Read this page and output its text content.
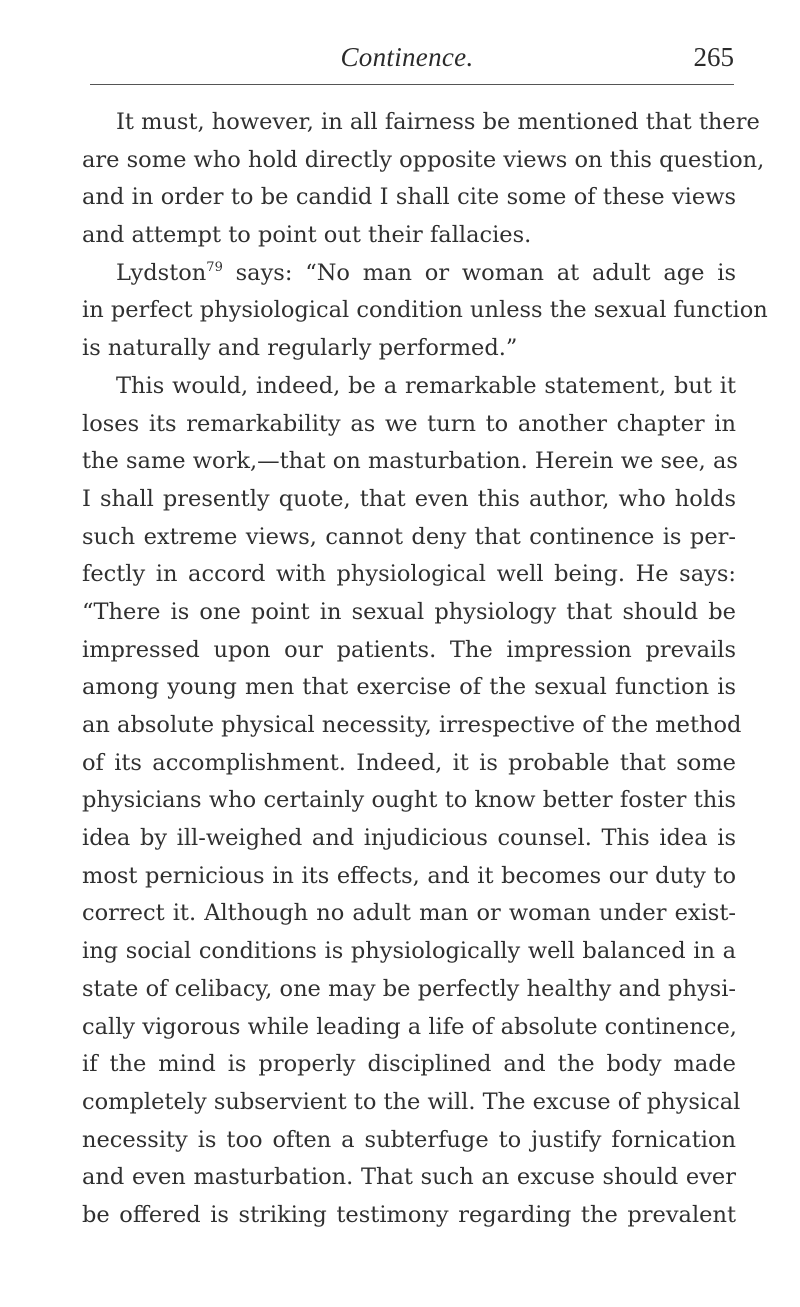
Continence.	265
It must, however, in all fairness be mentioned that there
are some who hold directly opposite views on this question,
and in order to be candid I shall cite some of these views
and attempt to point out their fallacies.
Lydston$^{79}$ says: “No man or woman at adult age is
in perfect physiological condition unless the sexual function
is naturally and regularly performed.”
This would, indeed, be a remarkable statement, but it
loses its remarkability as we turn to another chapter in
the same work,—that on masturbation. Herein we see, as
I shall presently quote, that even this author, who holds
such extreme views, cannot deny that continence is per-
fectly in accord with physiological well being. He says:
“There is one point in sexual physiology that should be
impressed upon our patients. The impression prevails
among young men that exercise of the sexual function is
an absolute physical necessity, irrespective of the method
of its accomplishment. Indeed, it is probable that some
physicians who certainly ought to know better foster this
idea by ill-weighed and injudicious counsel. This idea is
most pernicious in its effects, and it becomes our duty to
correct it. Although no adult man or woman under exist-
ing social conditions is physiologically well balanced in a
state of celibacy, one may be perfectly healthy and physi-
cally vigorous while leading a life of absolute continence,
if the mind is properly disciplined and the body made
completely subservient to the will. The excuse of physical
necessity is too often a subterfuge to justify fornication
and even masturbation. That such an excuse should ever
be offered is striking testimony regarding the prevalent
